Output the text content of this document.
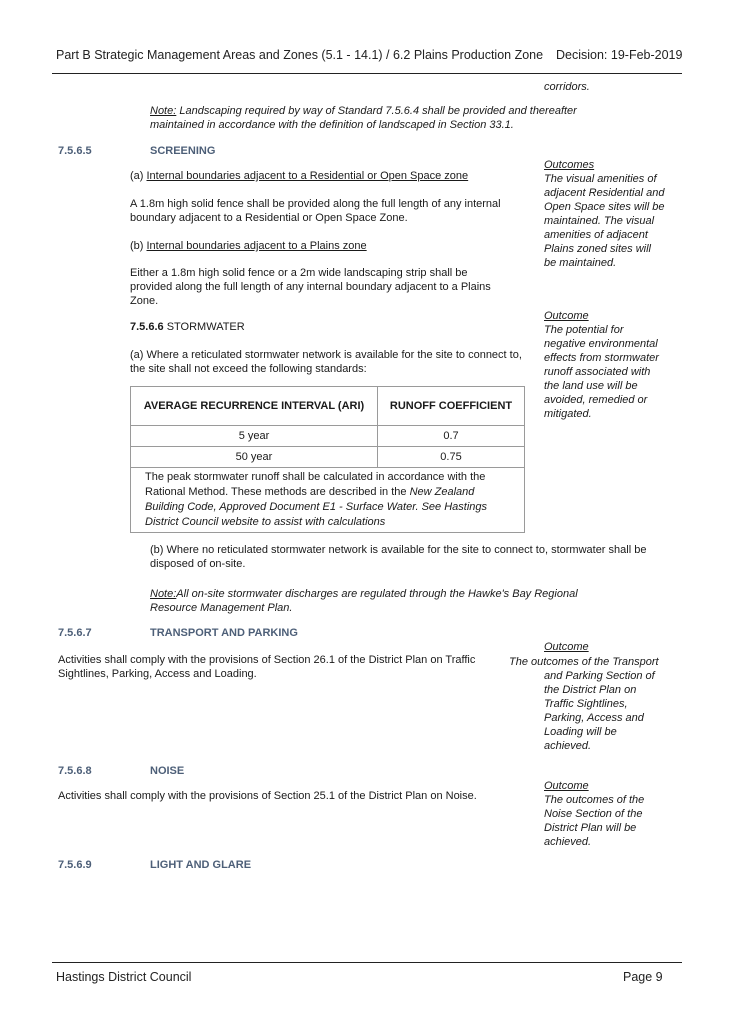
Part B Strategic Management Areas and Zones (5.1 - 14.1) / 6.2 Plains Production Zone Decision: 19-Feb-2019
corridors.
Note: Landscaping required by way of Standard 7.5.6.4 shall be provided and thereafter maintained in accordance with the definition of landscaped in Section 33.1.
7.5.6.5	SCREENING
(a) Internal boundaries adjacent to a Residential or Open Space zone
A 1.8m high solid fence shall be provided along the full length of any internal boundary adjacent to a Residential or Open Space Zone.
(b) Internal boundaries adjacent to a Plains zone
Either a 1.8m high solid fence or a 2m wide landscaping strip shall be provided along the full length of any internal boundary adjacent to a Plains Zone.
Outcomes
The visual amenities of adjacent Residential and Open Space sites will be maintained. The visual amenities of adjacent Plains zoned sites will be maintained.
7.5.6.6 STORMWATER
(a) Where a reticulated stormwater network is available for the site to connect to, the site shall not exceed the following standards:
Outcome
The potential for negative environmental effects from stormwater runoff associated with the land use will be avoided, remedied or mitigated.
AVERAGE RECURRENCE INTERVAL (ARI)	RUNOFF COEFFICIENT
5 year	0.7
50 year	0.75
The peak stormwater runoff shall be calculated in accordance with the Rational Method. These methods are described in the New Zealand Building Code, Approved Document E1 - Surface Water. See Hastings District Council website to assist with calculations	
(b) Where no reticulated stormwater network is available for the site to connect to, stormwater shall be disposed of on-site.
Note:All on-site stormwater discharges are regulated through the Hawke's Bay Regional Resource Management Plan.
7.5.6.7	TRANSPORT AND PARKING
Activities shall comply with the provisions of Section 26.1 of the District Plan on Traffic Sightlines, Parking, Access and Loading.
Outcome
The outcomes of the Transport and Parking Section of the District Plan on Traffic Sightlines, Parking, Access and Loading will be achieved.
7.5.6.8	NOISE
Activities shall comply with the provisions of Section 25.1 of the District Plan on Noise.
Outcome
The outcomes of the Noise Section of the District Plan will be achieved.
7.5.6.9	LIGHT AND GLARE
Hastings District Council	Page 9
